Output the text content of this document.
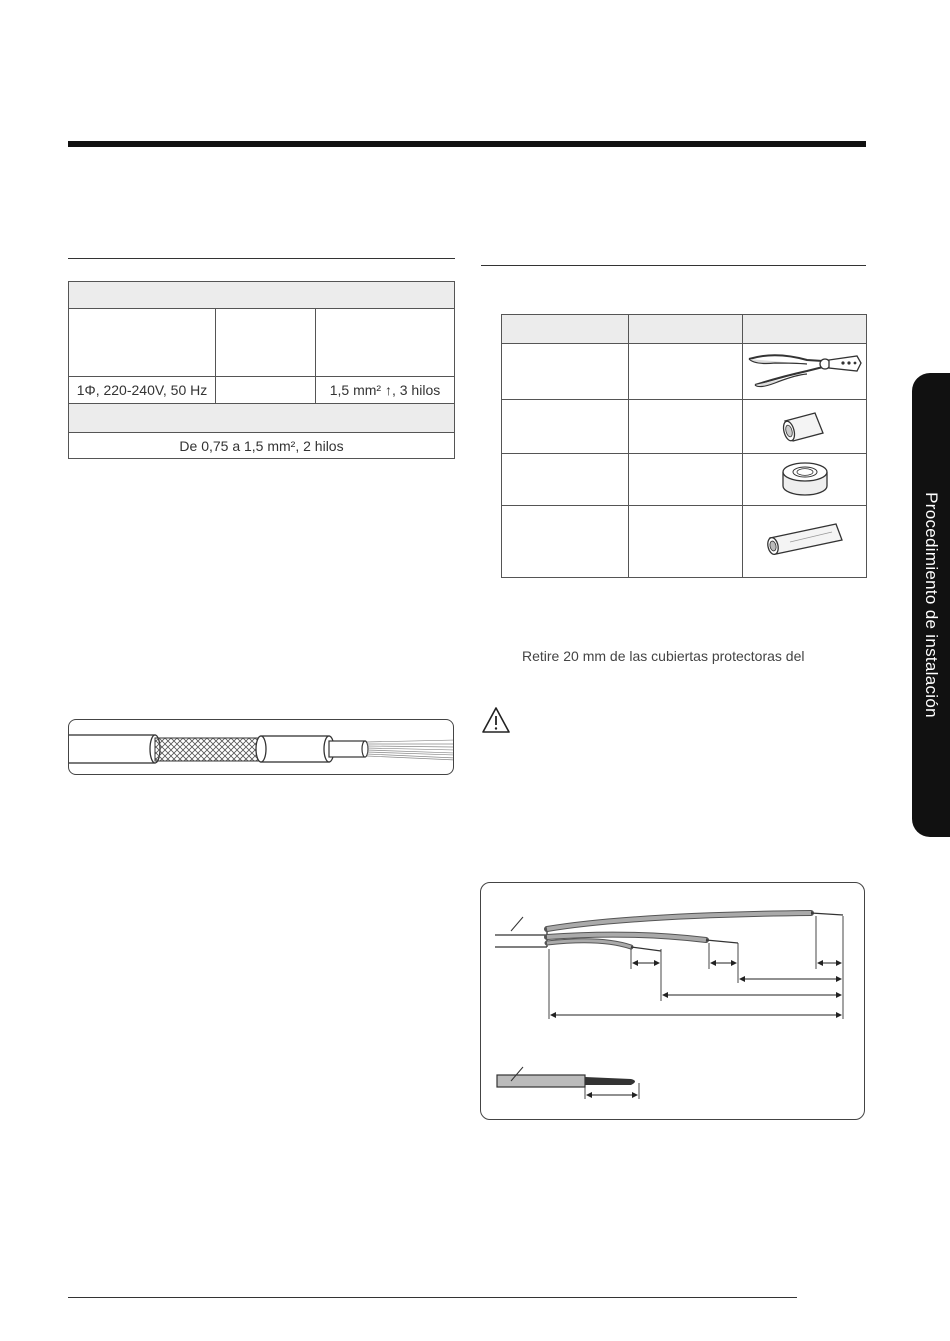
1Φ, 220-240V, 50 Hz		1,5 mm² ↑, 3 hilos

De 0,75 a 1,5 mm², 2 hilos		

Retire 20 mm de las cubiertas protectoras del	Procedimiento de instalación
